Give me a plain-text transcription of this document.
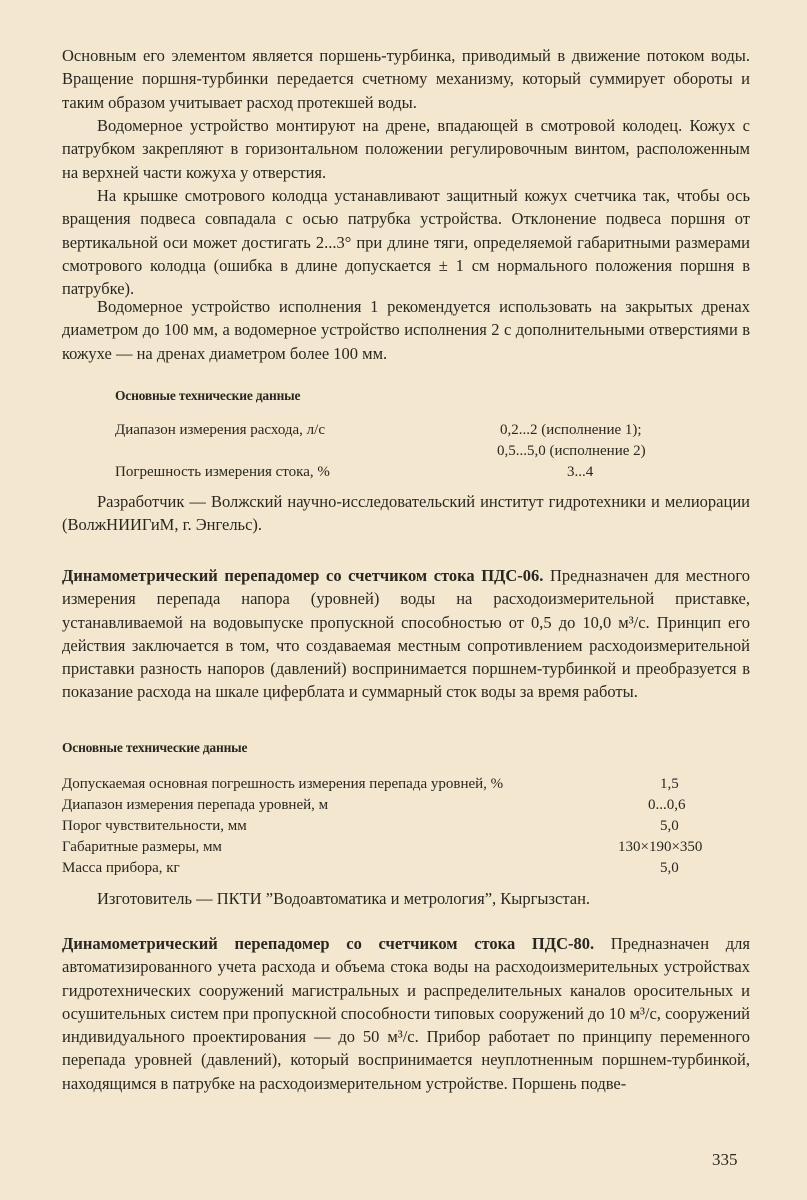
Основным его элементом является поршень-турбинка, приводимый в движение потоком воды. Вращение поршня-турбинки передается счетному механизму, который суммирует обороты и таким образом учитывает расход протекшей воды.

Водомерное устройство монтируют на дрене, впадающей в смотровой колодец. Кожух с патрубком закрепляют в горизонтальном положении регулировочным винтом, расположенным на верхней части кожуха у отверстия.

На крышке смотрового колодца устанавливают защитный кожух счетчика так, чтобы ось вращения подвеса совпадала с осью патрубка устройства. Отклонение подвеса поршня от вертикальной оси может достигать 2...3° при длине тяги, определяемой габаритными размерами смотрового колодца (ошибка в длине допускается ± 1 см нормального положения поршня в патрубке).

Водомерное устройство исполнения 1 рекомендуется использовать на закрытых дренах диаметром до 100 мм, а водомерное устройство исполнения 2 с дополнительными отверстиями в кожухе — на дренах диаметром более 100 мм.

Основные технические данные

Диапазон измерения расхода, л/с	0,2...2 (исполнение 1);
0,5...5,0 (исполнение 2)
Погрешность измерения стока, %	3...4

Разработчик — Волжский научно-исследовательский институт гидротехники и мелиорации (ВолжНИИГиМ, г. Энгельс).

Динамометрический перепадомер со счетчиком стока ПДС-06. Предназначен для местного измерения перепада напора (уровней) воды на расходоизмерительной приставке, устанавливаемой на водовыпуске пропускной способностью от 0,5 до 10,0 м³/с. Принцип его действия заключается в том, что создаваемая местным сопротивлением расходоизмерительной приставки разность напоров (давлений) воспринимается поршнем-турбинкой и преобразуется в показание расхода на шкале циферблата и суммарный сток воды за время работы.

Основные технические данные

Допускаемая основная погрешность измерения перепада уровней, %	1,5
Диапазон измерения перепада уровней, м	0...0,6
Порог чувствительности, мм	5,0
Габаритные размеры, мм	130×190×350
Масса прибора, кг	5,0

Изготовитель — ПКТИ ”Водоавтоматика и метрология”, Кыргызстан.

Динамометрический перепадомер со счетчиком стока ПДС-80. Предназначен для автоматизированного учета расхода и объема стока воды на расходоизмерительных устройствах гидротехнических сооружений магистральных и распределительных каналов оросительных и осушительных систем при пропускной способности типовых сооружений до 10 м³/с, сооружений индивидуального проектирования — до 50 м³/с. Прибор работает по принципу переменного перепада уровней (давлений), который воспринимается неуплотненным поршнем-турбинкой, находящимся в патрубке на расходоизмерительном устройстве. Поршень подве-

335
